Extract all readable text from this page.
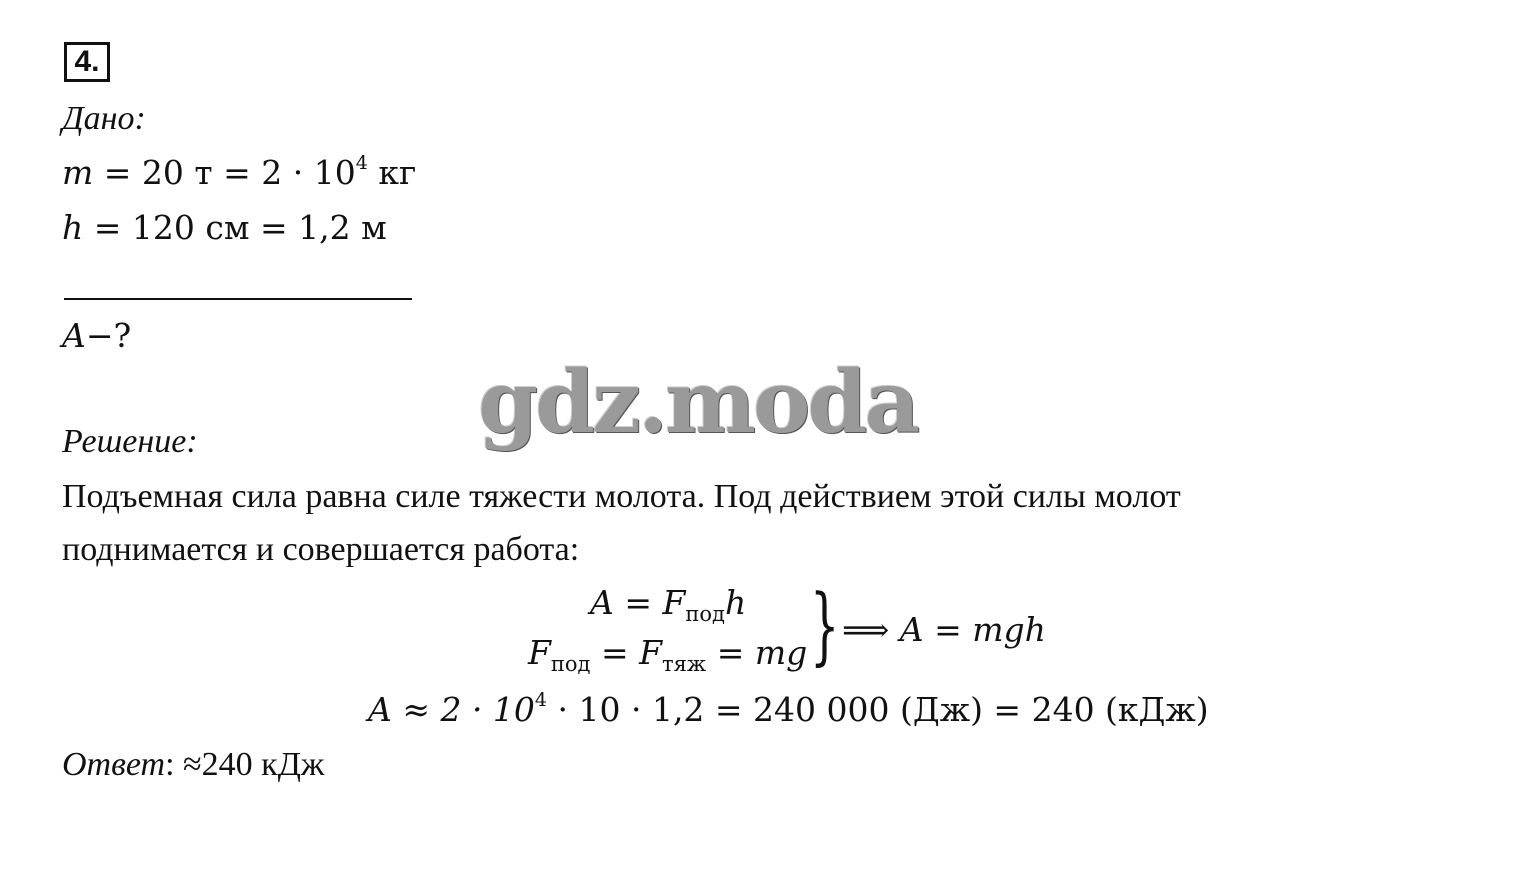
4.
Дано:
m = 20 $т = 2 \cdot 10^4$ кг
h = 120 см = 1,2 м
A−?
gdz.moda
Решение:
Подъемная сила равна силе тяжести молота. Под действием этой силы молот
поднимается и совершается работа:
$A = F_{под}h$
$F_{под} = F_{тяж}$ = mg } ⟹ A = mgh
$A \approx 2 \cdot 10^4 \cdot 10 \cdot 1,2 = 240$ 000 (Дж) = 240 (кДж)
Ответ: ≈240 кДж
